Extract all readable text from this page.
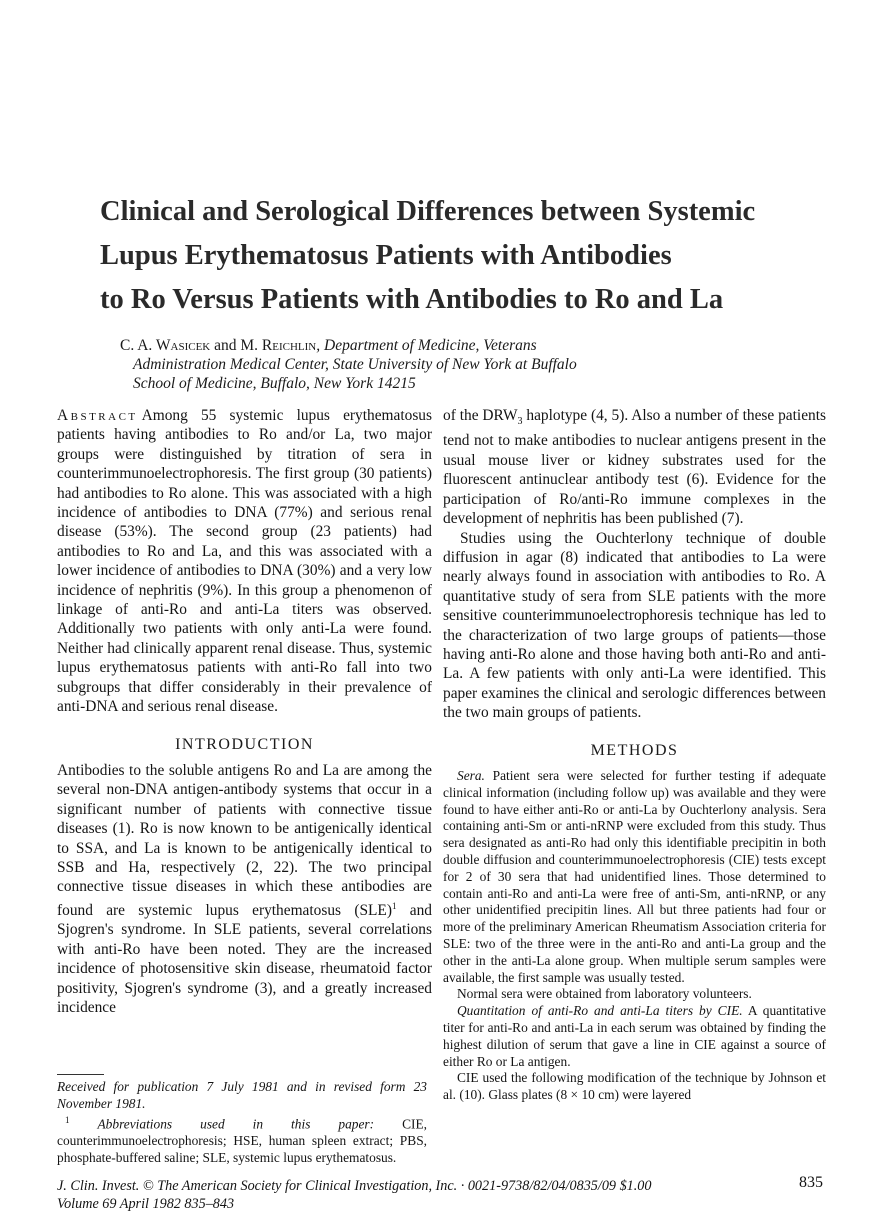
Clinical and Serological Differences between Systemic
Lupus Erythematosus Patients with Antibodies
to Ro Versus Patients with Antibodies to Ro and La
C. A. Wasicek and M. Reichlin, Department of Medicine, Veterans
Administration Medical Center, State University of New York at Buffalo
School of Medicine, Buffalo, New York 14215

Abstract Among 55 systemic lupus erythematosus patients having antibodies to Ro and/or La, two major groups were distinguished by titration of sera in counterimmunoelectrophoresis. The first group (30 patients) had antibodies to Ro alone. This was associated with a high incidence of antibodies to DNA (77%) and serious renal disease (53%). The second group (23 patients) had antibodies to Ro and La, and this was associated with a lower incidence of antibodies to DNA (30%) and a very low incidence of nephritis (9%). In this group a phenomenon of linkage of anti-Ro and anti-La titers was observed. Additionally two patients with only anti-La were found. Neither had clinically apparent renal disease. Thus, systemic lupus erythematosus patients with anti-Ro fall into two subgroups that differ considerably in their prevalence of anti-DNA and serious renal disease.

INTRODUCTION

Antibodies to the soluble antigens Ro and La are among the several non-DNA antigen-antibody systems that occur in a significant number of patients with connective tissue diseases (1). Ro is now known to be antigenically identical to SSA, and La is known to be antigenically identical to SSB and Ha, respectively (2, 22). The two principal connective tissue diseases in which these antibodies are found are systemic lupus erythematosus (SLE)$^1$ and Sjogren's syndrome. In SLE patients, several correlations with anti-Ro have been noted. They are the increased incidence of photosensitive skin disease, rheumatoid factor positivity, Sjogren's syndrome (3), and a greatly increased incidence

of the $DRW_3$ haplotype (4, 5). Also a number of these patients tend not to make antibodies to nuclear antigens present in the usual mouse liver or kidney substrates used for the fluorescent antinuclear antibody test (6). Evidence for the participation of Ro/anti-Ro immune complexes in the development of nephritis has been published (7).

Studies using the Ouchterlony technique of double diffusion in agar (8) indicated that antibodies to La were nearly always found in association with antibodies to Ro. A quantitative study of sera from SLE patients with the more sensitive counterimmunoelectrophoresis technique has led to the characterization of two large groups of patients—those having anti-Ro alone and those having both anti-Ro and anti-La. A few patients with only anti-La were identified. This paper examines the clinical and serologic differences between the two main groups of patients.

METHODS

Sera. Patient sera were selected for further testing if adequate clinical information (including follow up) was available and they were found to have either anti-Ro or anti-La by Ouchterlony analysis. Sera containing anti-Sm or anti-nRNP were excluded from this study. Thus sera designated as anti-Ro had only this identifiable precipitin in both double diffusion and counterimmunoelectrophoresis (CIE) tests except for 2 of 30 sera that had unidentified lines. Those determined to contain anti-Ro and anti-La were free of anti-Sm, anti-nRNP, or any other unidentified precipitin lines. All but three patients had four or more of the preliminary American Rheumatism Association criteria for SLE: two of the three were in the anti-Ro and anti-La group and the other in the anti-La alone group. When multiple serum samples were available, the first sample was usually tested.

Normal sera were obtained from laboratory volunteers.

Quantitation of anti-Ro and anti-La titers by CIE. A quantitative titer for anti-Ro and anti-La in each serum was obtained by finding the highest dilution of serum that gave a line in CIE against a source of either Ro or La antigen.

CIE used the following modification of the technique by Johnson et al. (10). Glass plates (8 × 10 cm) were layered

Received for publication 7 July 1981 and in revised form 23 November 1981.

$^1$ Abbreviations used in this paper: CIE, counterimmunoelectrophoresis; HSE, human spleen extract; PBS, phosphate-buffered saline; SLE, systemic lupus erythematosus.

J. Clin. Invest. © The American Society for Clinical Investigation, Inc. · 0021-9738/82/04/0835/09 $1.00
Volume 69 April 1982 835–843
835
